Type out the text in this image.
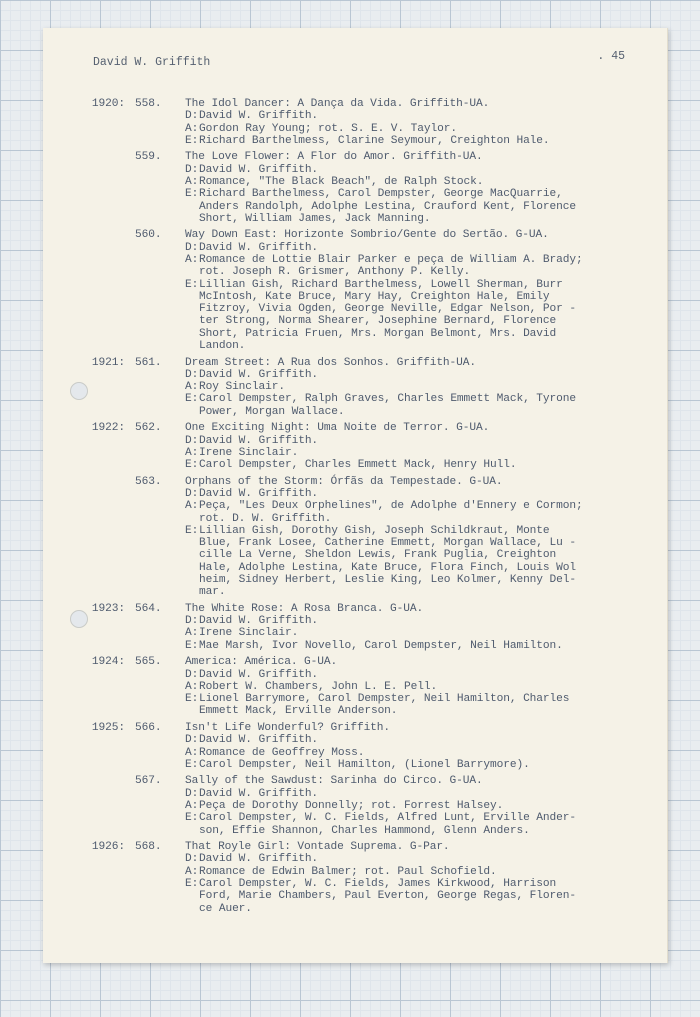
David W. Griffith	. 45
1920: 558. The Idol Dancer: A Dança da Vida. Griffith-UA.
D:David W. Griffith.
A:Gordon Ray Young; rot. S. E. V. Taylor.
E:Richard Barthelmess, Clarine Seymour, Creighton Hale.
559. The Love Flower: A Flor do Amor. Griffith-UA.
D:David W. Griffith.
A:Romance, "The Black Beach", de Ralph Stock.
E:Richard Barthelmess, Carol Dempster, George MacQuarrie,
Anders Randolph, Adolphe Lestina, Crauford Kent, Florence
Short, William James, Jack Manning.
560. Way Down East: Horizonte Sombrio/Gente do Sertão. G-UA.
D:David W. Griffith.
A:Romance de Lottie Blair Parker e peça de William A. Brady;
rot. Joseph R. Grismer, Anthony P. Kelly.
E:Lillian Gish, Richard Barthelmess, Lowell Sherman, Burr
McIntosh, Kate Bruce, Mary Hay, Creighton Hale, Emily
Fitzroy, Vivia Ogden, George Neville, Edgar Nelson, Por -
ter Strong, Norma Shearer, Josephine Bernard, Florence
Short, Patricia Fruen, Mrs. Morgan Belmont, Mrs. David
Landon.
1921: 561. Dream Street: A Rua dos Sonhos. Griffith-UA.
D:David W. Griffith.
A:Roy Sinclair.
E:Carol Dempster, Ralph Graves, Charles Emmett Mack, Tyrone
Power, Morgan Wallace.
1922: 562. One Exciting Night: Uma Noite de Terror. G-UA.
D:David W. Griffith.
A:Irene Sinclair.
E:Carol Dempster, Charles Emmett Mack, Henry Hull.
563. Orphans of the Storm: Órfãs da Tempestade. G-UA.
D:David W. Griffith.
A:Peça, "Les Deux Orphelines", de Adolphe d'Ennery e Cormon;
rot. D. W. Griffith.
E:Lillian Gish, Dorothy Gish, Joseph Schildkraut, Monte
Blue, Frank Losee, Catherine Emmett, Morgan Wallace, Lu -
cille La Verne, Sheldon Lewis, Frank Puglia, Creighton
Hale, Adolphe Lestina, Kate Bruce, Flora Finch, Louis Wol
heim, Sidney Herbert, Leslie King, Leo Kolmer, Kenny Del-
mar.
1923: 564. The White Rose: A Rosa Branca. G-UA.
D:David W. Griffith.
A:Irene Sinclair.
E:Mae Marsh, Ivor Novello, Carol Dempster, Neil Hamilton.
1924: 565. America: América. G-UA.
D:David W. Griffith.
A:Robert W. Chambers, John L. E. Pell.
E:Lionel Barrymore, Carol Dempster, Neil Hamilton, Charles
Emmett Mack, Erville Anderson.
1925: 566. Isn't Life Wonderful? Griffith.
D:David W. Griffith.
A:Romance de Geoffrey Moss.
E:Carol Dempster, Neil Hamilton, (Lionel Barrymore).
567. Sally of the Sawdust: Sarinha do Circo. G-UA.
D:David W. Griffith.
A:Peça de Dorothy Donnelly; rot. Forrest Halsey.
E:Carol Dempster, W. C. Fields, Alfred Lunt, Erville Ander-
son, Effie Shannon, Charles Hammond, Glenn Anders.
1926: 568. That Royle Girl: Vontade Suprema. G-Par.
D:David W. Griffith.
A:Romance de Edwin Balmer; rot. Paul Schofield.
E:Carol Dempster, W. C. Fields, James Kirkwood, Harrison
Ford, Marie Chambers, Paul Everton, George Regas, Floren-
ce Auer.
